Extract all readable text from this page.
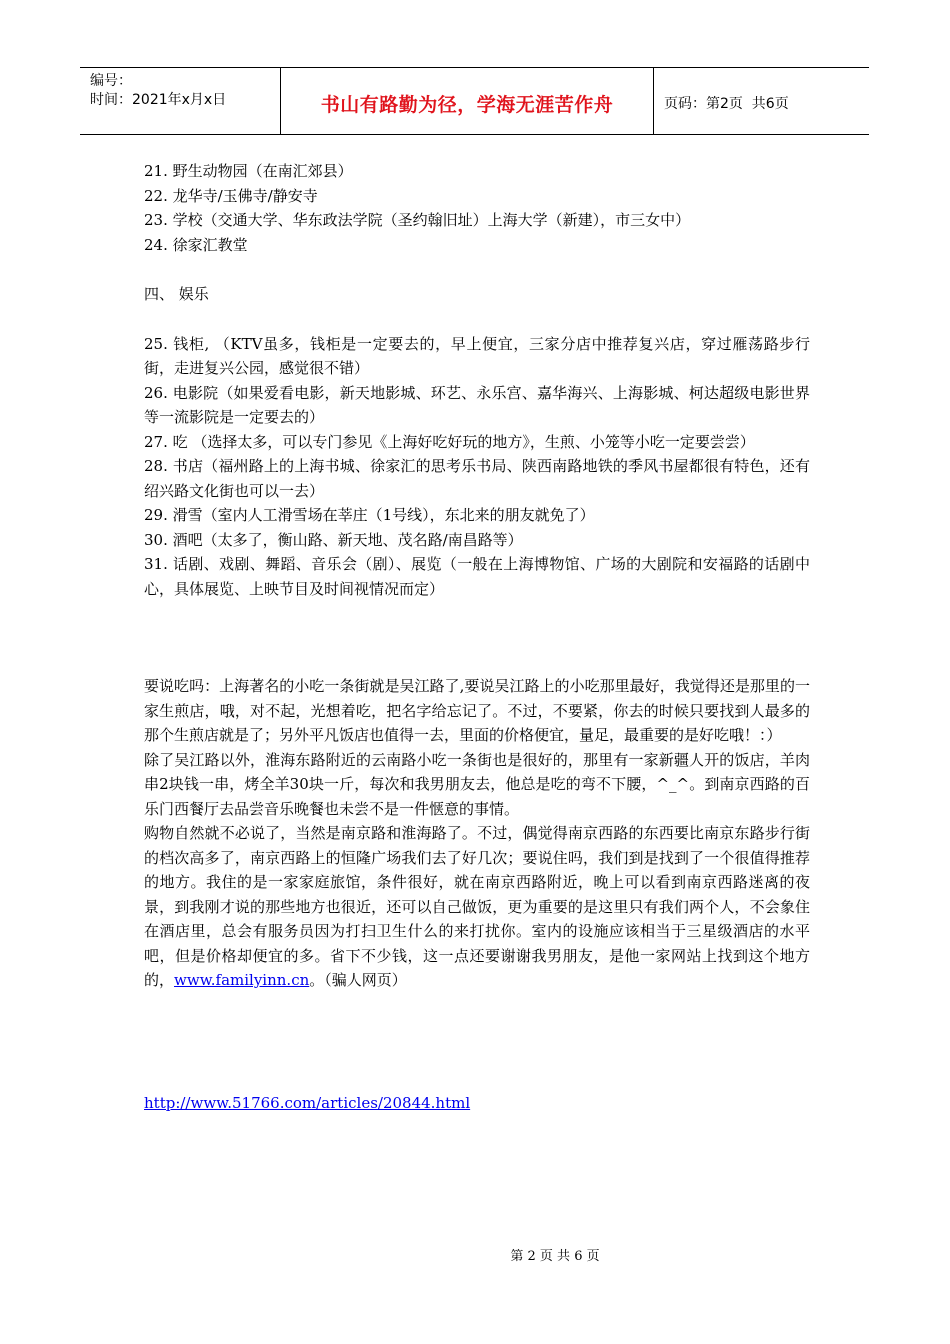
编号：
时间：2021年x月x日	书山有路勤为径，学海无涯苦作舟	页码：第2页  共6页

21. 野生动物园（在南汇郊县）

22. 龙华寺/玉佛寺/静安寺

23. 学校（交通大学、华东政法学院（圣约翰旧址）上海大学（新建），市三女中）

24. 徐家汇教堂

四、 娱乐

25. 钱柜, （KTV虽多，钱柜是一定要去的，早上便宜，三家分店中推荐复兴店，穿过雁荡路步行街，走进复兴公园，感觉很不错）

26. 电影院（如果爱看电影，新天地影城、环艺、永乐宫、嘉华海兴、上海影城、柯达超级电影世界等一流影院是一定要去的）

27. 吃 （选择太多，可以专门参见《上海好吃好玩的地方》，生煎、小笼等小吃一定要尝尝）

28. 书店（福州路上的上海书城、徐家汇的思考乐书局、陕西南路地铁的季风书屋都很有特色，还有绍兴路文化街也可以一去）

29. 滑雪（室内人工滑雪场在莘庄（1号线），东北来的朋友就免了）

30. 酒吧（太多了，衡山路、新天地、茂名路/南昌路等）

31. 话剧、戏剧、舞蹈、音乐会（剧）、展览（一般在上海博物馆、广场的大剧院和安福路的话剧中心，具体展览、上映节目及时间视情况而定）

要说吃吗：上海著名的小吃一条街就是吴江路了,要说吴江路上的小吃那里最好，我觉得还是那里的一家生煎店，哦，对不起，光想着吃，把名字给忘记了。不过，不要紧，你去的时候只要找到人最多的那个生煎店就是了；另外平凡饭店也值得一去，里面的价格便宜，量足，最重要的是好吃哦！：）

除了吴江路以外，淮海东路附近的云南路小吃一条街也是很好的，那里有一家新疆人开的饭店，羊肉串2块钱一串，烤全羊30块一斤，每次和我男朋友去，他总是吃的弯不下腰，^_^。到南京西路的百乐门西餐厅去品尝音乐晚餐也未尝不是一件惬意的事情。

购物自然就不必说了，当然是南京路和淮海路了。不过，偶觉得南京西路的东西要比南京东路步行街的档次高多了，南京西路上的恒隆广场我们去了好几次；要说住吗，我们到是找到了一个很值得推荐的地方。我住的是一家家庭旅馆，条件很好，就在南京西路附近，晚上可以看到南京西路迷离的夜景，到我刚才说的那些地方也很近，还可以自己做饭，更为重要的是这里只有我们两个人，不会象住在酒店里，总会有服务员因为打扫卫生什么的来打扰你。室内的设施应该相当于三星级酒店的水平吧，但是价格却便宜的多。省下不少钱，这一点还要谢谢我男朋友，是他一家网站上找到这个地方的，www.familyinn.cn。（骗人网页）

http://www.51766.com/articles/20844.html

第 2 页 共 6 页
